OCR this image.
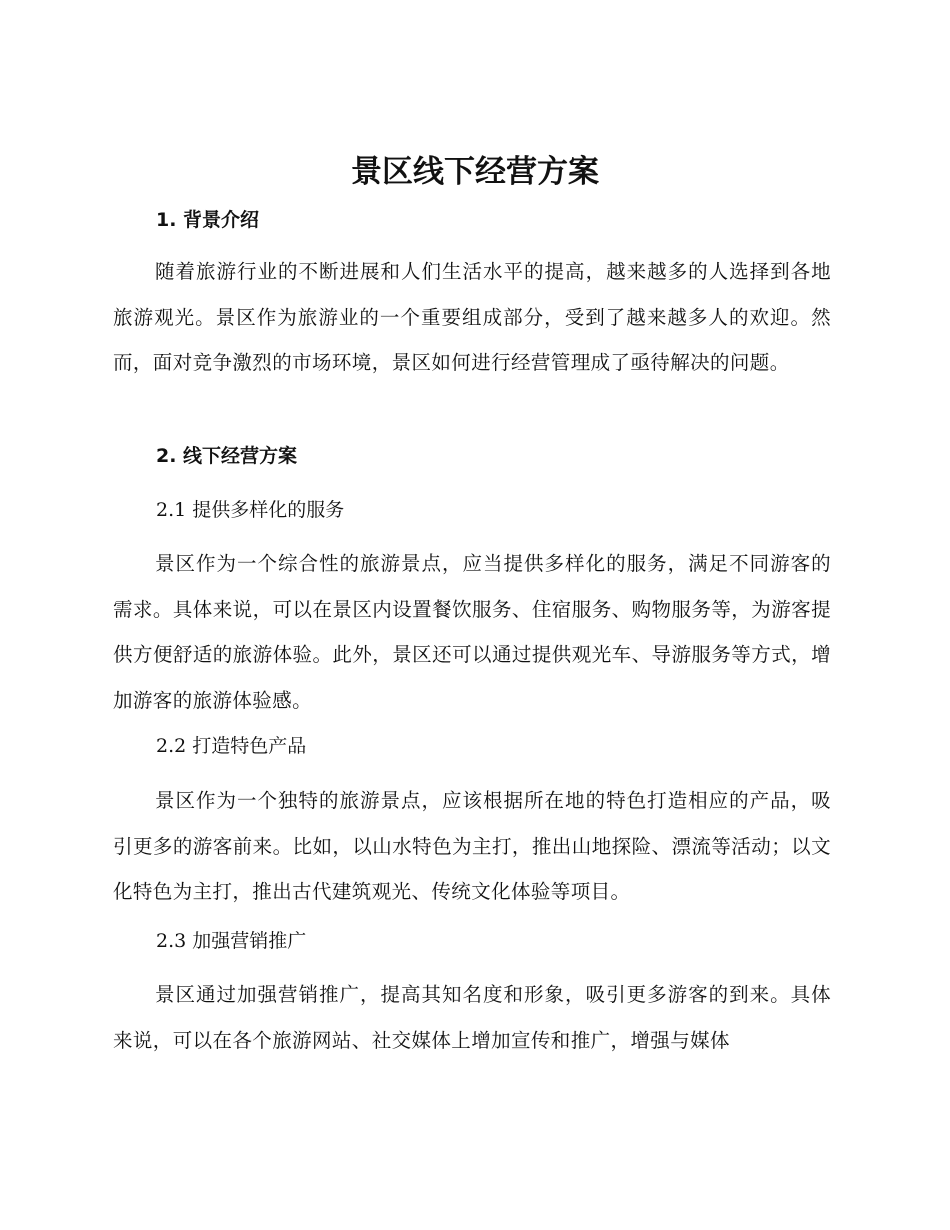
景区线下经营方案
1. 背景介绍

随着旅游行业的不断进展和人们生活水平的提高，越来越多的人选择到各地旅游观光。景区作为旅游业的一个重要组成部分，受到了越来越多人的欢迎。然而，面对竞争激烈的市场环境，景区如何进行经营管理成了亟待解决的问题。

2. 线下经营方案
2.1 提供多样化的服务

景区作为一个综合性的旅游景点，应当提供多样化的服务，满足不同游客的需求。具体来说，可以在景区内设置餐饮服务、住宿服务、购物服务等，为游客提供方便舒适的旅游体验。此外，景区还可以通过提供观光车、导游服务等方式，增加游客的旅游体验感。

2.2 打造特色产品

景区作为一个独特的旅游景点，应该根据所在地的特色打造相应的产品，吸引更多的游客前来。比如，以山水特色为主打，推出山地探险、漂流等活动；以文化特色为主打，推出古代建筑观光、传统文化体验等项目。

2.3 加强营销推广

景区通过加强营销推广，提高其知名度和形象，吸引更多游客的到来。具体来说，可以在各个旅游网站、社交媒体上增加宣传和推广，增强与媒体
